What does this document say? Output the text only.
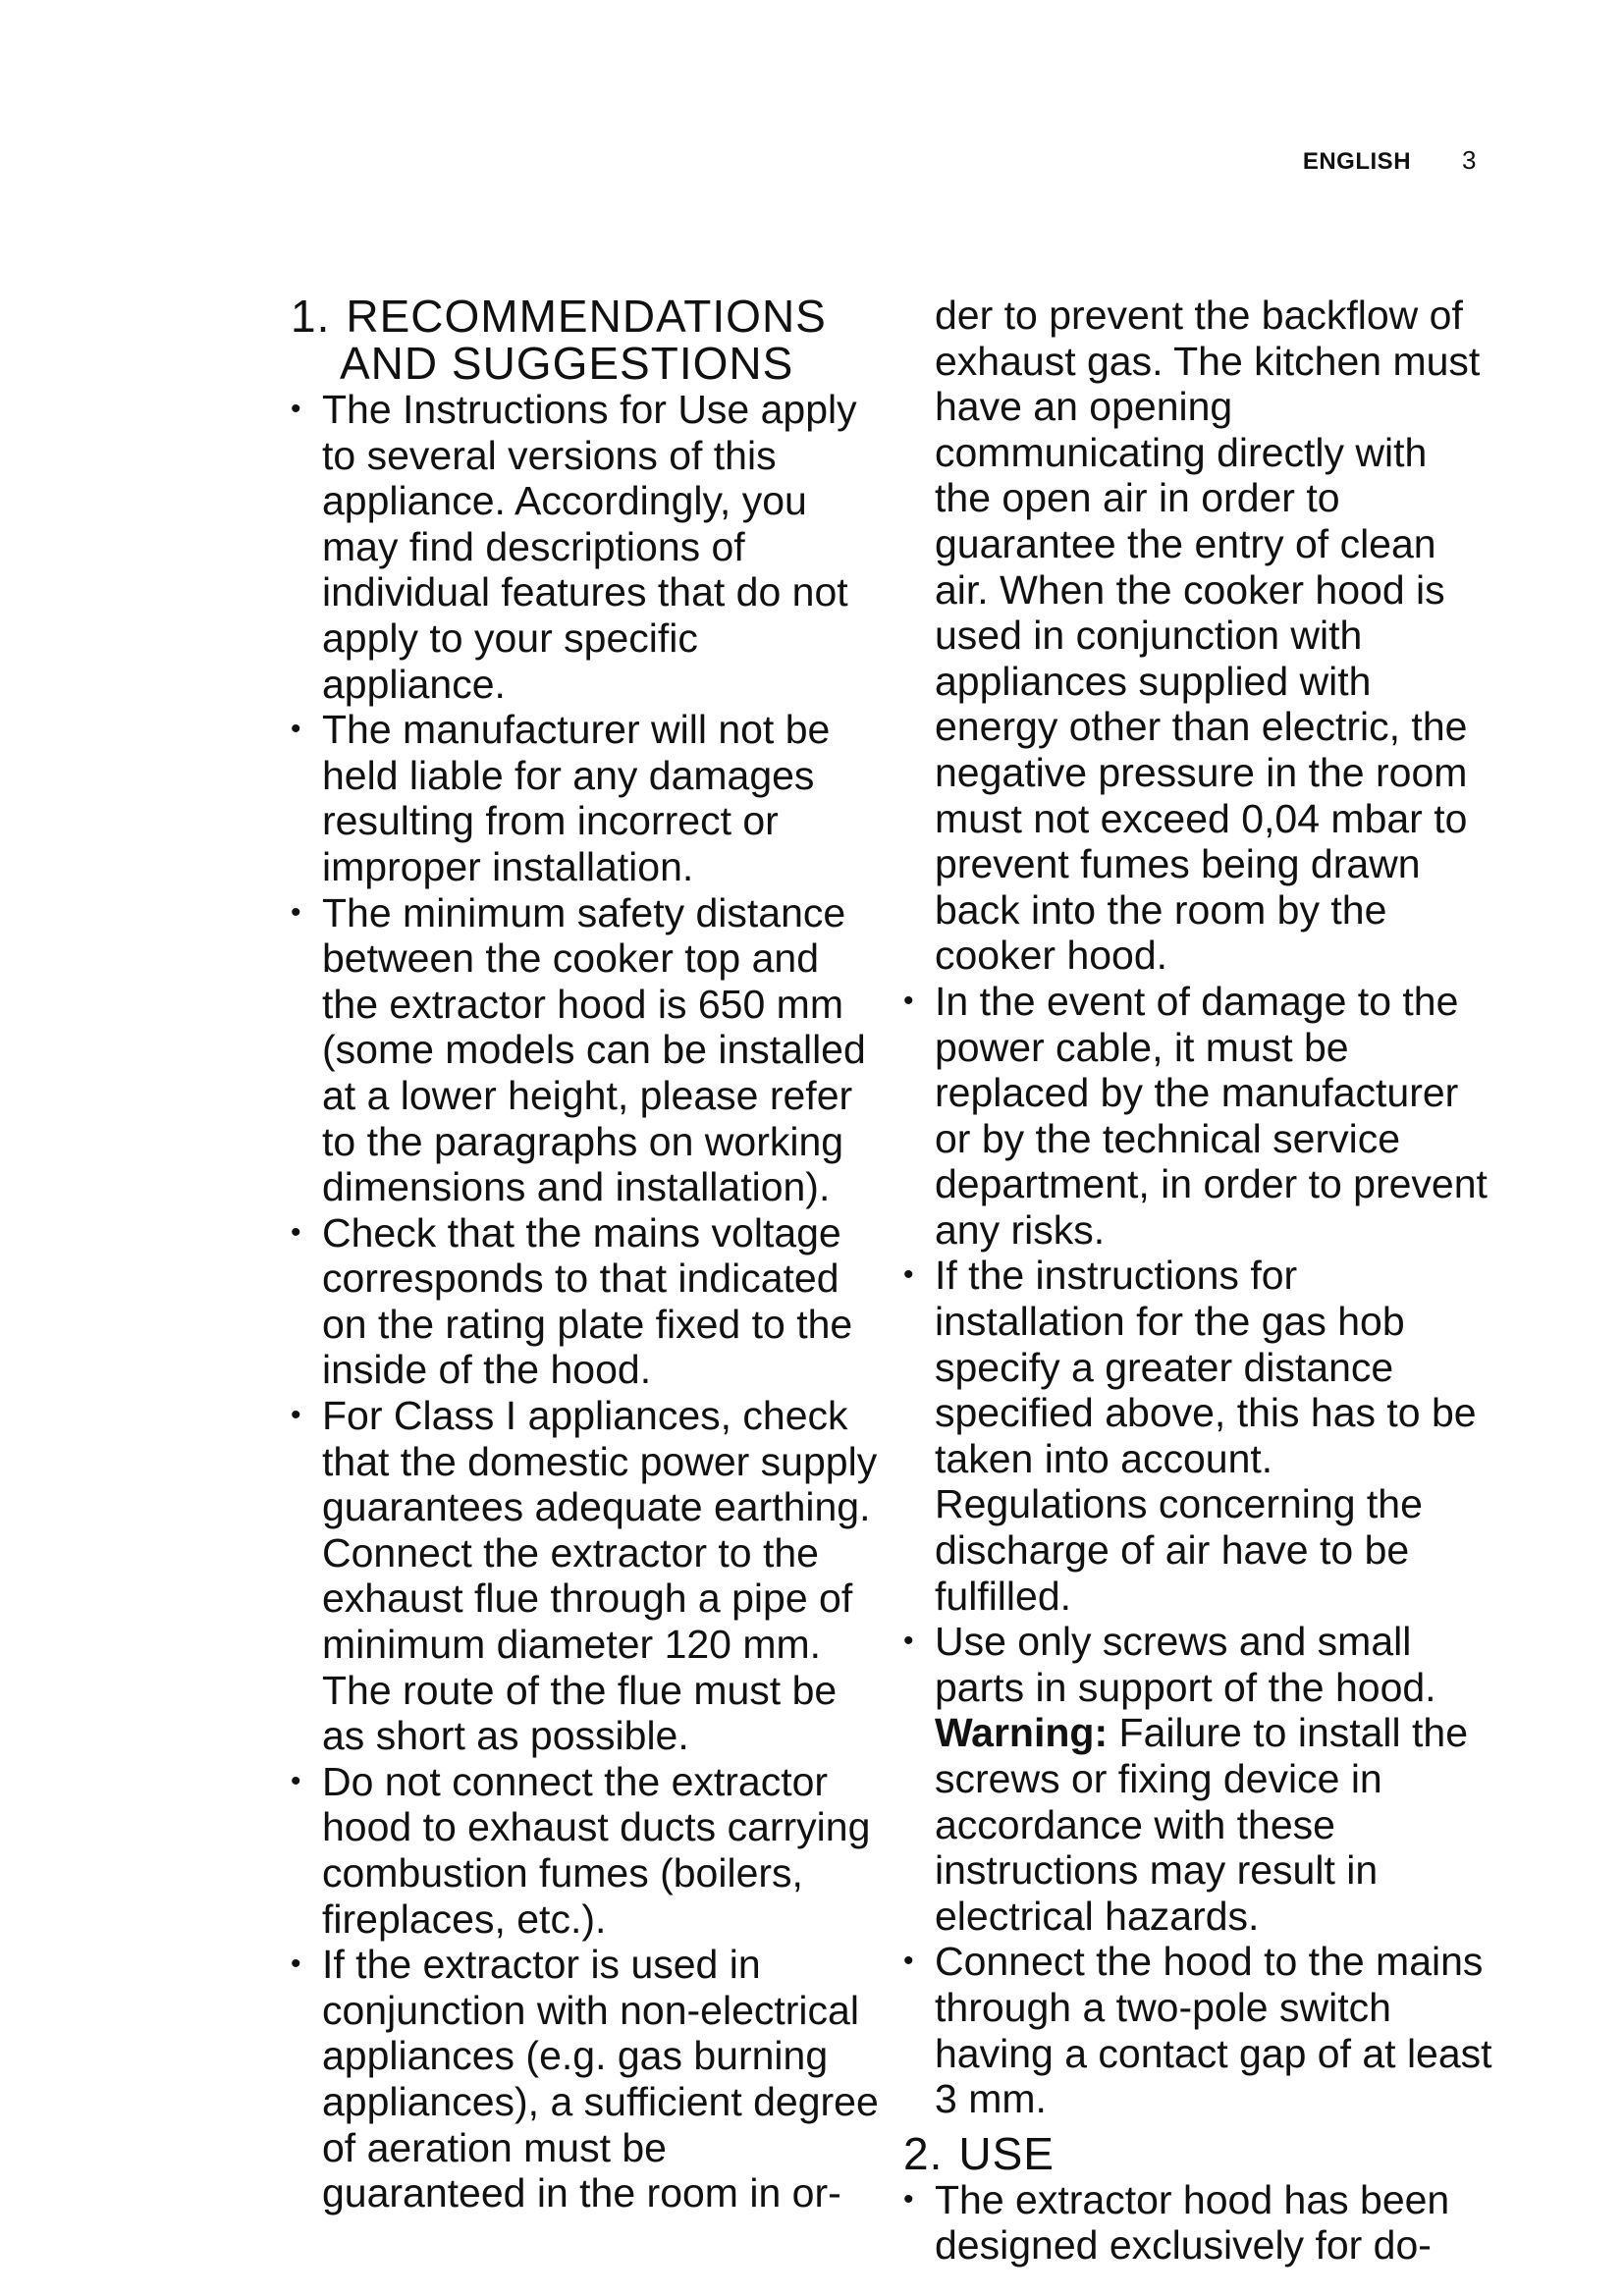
ENGLISH 3
1. RECOMMENDATIONS
AND SUGGESTIONS
• The Instructions for Use apply to several versions of this appliance. Accordingly, you may find descriptions of individual features that do not apply to your specific appliance.
• The manufacturer will not be held liable for any damages resulting from incorrect or improper installation.
• The minimum safety distance between the cooker top and the extractor hood is 650 mm (some models can be installed at a lower height, please refer to the paragraphs on working dimensions and installation).
• Check that the mains voltage corresponds to that indicated on the rating plate fixed to the inside of the hood.
• For Class I appliances, check that the domestic power supply guarantees adequate earthing. Connect the extractor to the exhaust flue through a pipe of minimum diameter 120 mm. The route of the flue must be as short as possible.
• Do not connect the extractor hood to exhaust ducts carrying combustion fumes (boilers, fireplaces, etc.).
• If the extractor is used in conjunction with non-electrical appliances (e.g. gas burning appliances), a sufficient degree of aeration must be guaranteed in the room in or-
der to prevent the backflow of exhaust gas. The kitchen must have an opening communicating directly with the open air in order to guarantee the entry of clean air. When the cooker hood is used in conjunction with appliances supplied with energy other than electric, the negative pressure in the room must not exceed 0,04 mbar to prevent fumes being drawn back into the room by the cooker hood.
• In the event of damage to the power cable, it must be replaced by the manufacturer or by the technical service department, in order to prevent any risks.
• If the instructions for installation for the gas hob specify a greater distance specified above, this has to be taken into account. Regulations concerning the discharge of air have to be fulfilled.
• Use only screws and small parts in support of the hood.
Warning: Failure to install the screws or fixing device in accordance with these instructions may result in electrical hazards.
• Connect the hood to the mains through a two-pole switch having a contact gap of at least 3 mm.
2. USE
• The extractor hood has been designed exclusively for do-
